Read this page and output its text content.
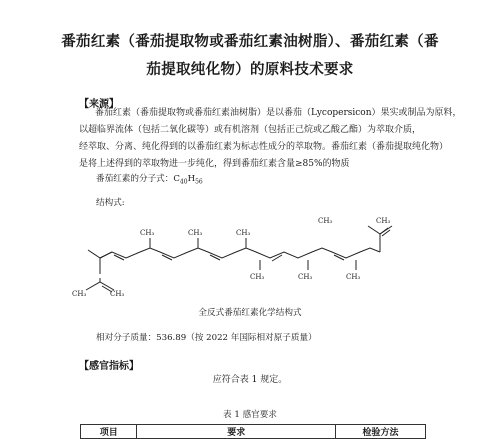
番茄红素（番茄提取物或番茄红素油树脂）、番茄红素（番
茄提取纯化物）的原料技术要求
【来源】
番茄红素（番茄提取物或番茄红素油树脂）是以番茄（Lycopersicon）果实或制品为原料，
以超临界流体（包括二氧化碳等）或有机溶剂（包括正己烷或乙酸乙酯）为萃取介质，
经萃取、分离、纯化得到的以番茄红素为标志性成分的萃取物。番茄红素（番茄提取纯化物）
是将上述得到的萃取物进一步纯化，得到番茄红素含量≥85%的物质
番茄红素的分子式：$C_{40}H_{56}$
结构式:
CH₃	CH₃	CH₃
CH₃	CH₃	CH₃
CH₃	CH₃
CH₃	CH₃
全反式番茄红素化学结构式
相对分子质量：536.89（按 2022 年国际相对原子质量）
【感官指标】
应符合表 1 规定。
表 1 感官要求
项目	要求	检验方法
